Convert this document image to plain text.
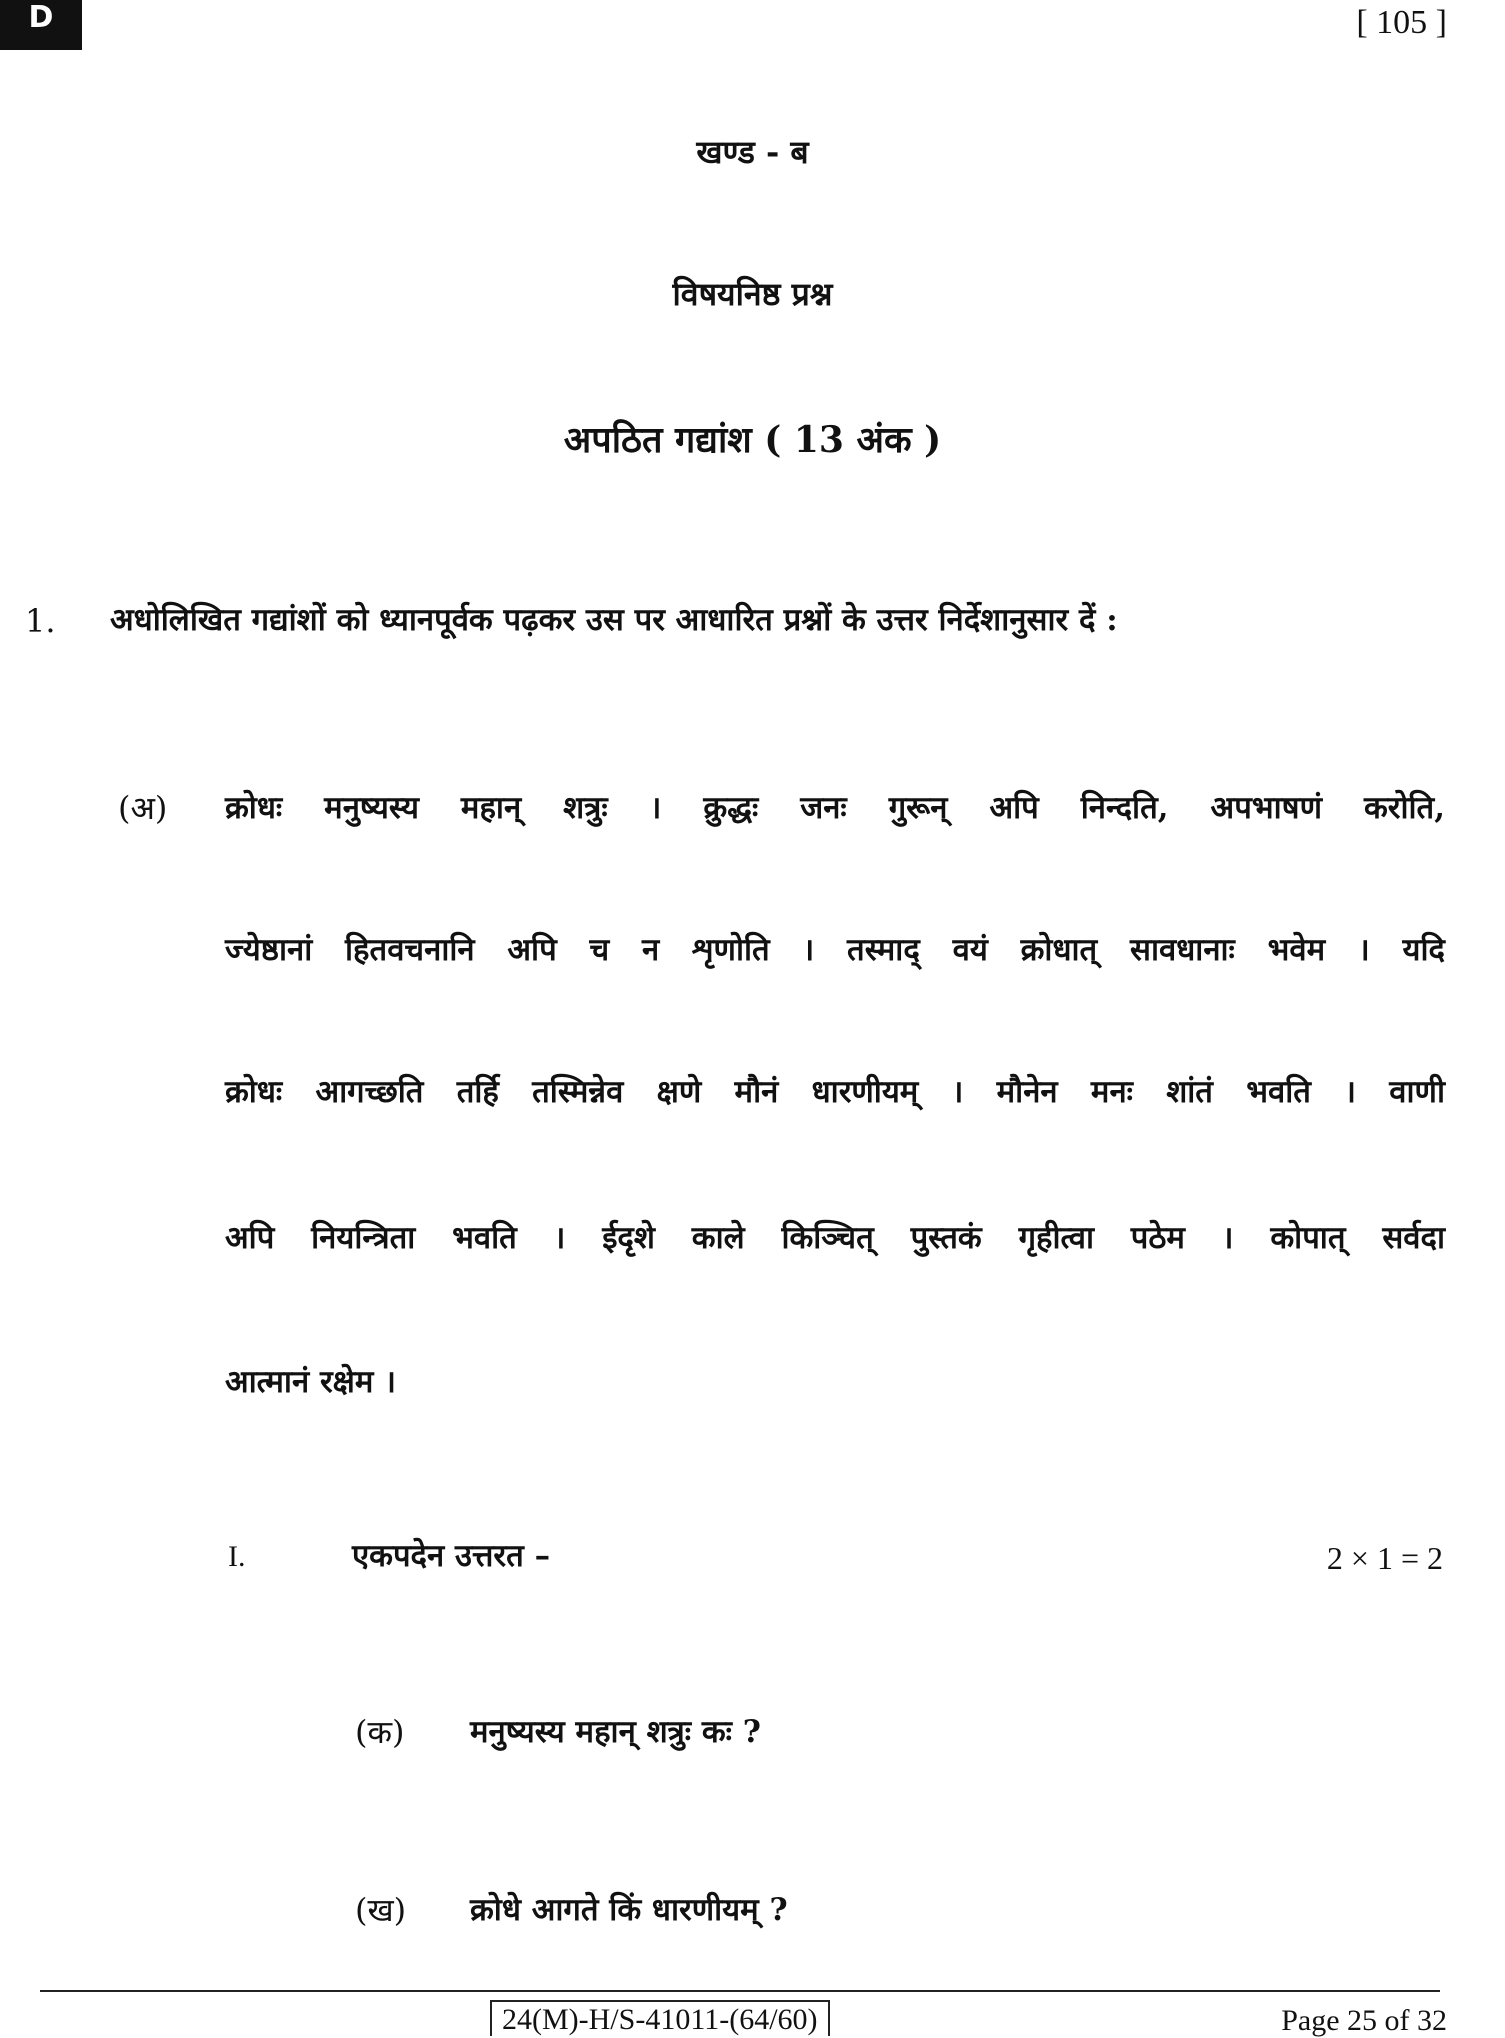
D	[ 105 ]
खण्ड - ब
विषयनिष्ठ प्रश्न
अपठित गद्यांश ( 13 अंक )
1. अधोलिखित गद्यांशों को ध्यानपूर्वक पढ़कर उस पर आधारित प्रश्नों के उत्तर निर्देशानुसार दें :
(अ) क्रोधः मनुष्यस्य महान् शत्रुः । क्रुद्धः जनः गुरून् अपि निन्दति, अपभाषणं करोति,
ज्येष्ठानां हितवचनानि अपि च न शृणोति । तस्माद् वयं क्रोधात् सावधानाः भवेम । यदि
क्रोधः आगच्छति तर्हि तस्मिन्नेव क्षणे मौनं धारणीयम् । मौनेन मनः शांतं भवति । वाणी
अपि नियन्त्रिता भवति । ईदृशे काले किञ्चित् पुस्तकं गृहीत्वा पठेम । कोपात् सर्वदा
आत्मानं रक्षेम ।
I.	एकपदेन उत्तरत –	2 × 1 = 2
(क) मनुष्यस्य महान् शत्रुः कः ?
(ख) क्रोधे आगते किं धारणीयम् ?
24(M)-H/S-41011-(64/60)	Page 25 of 32
